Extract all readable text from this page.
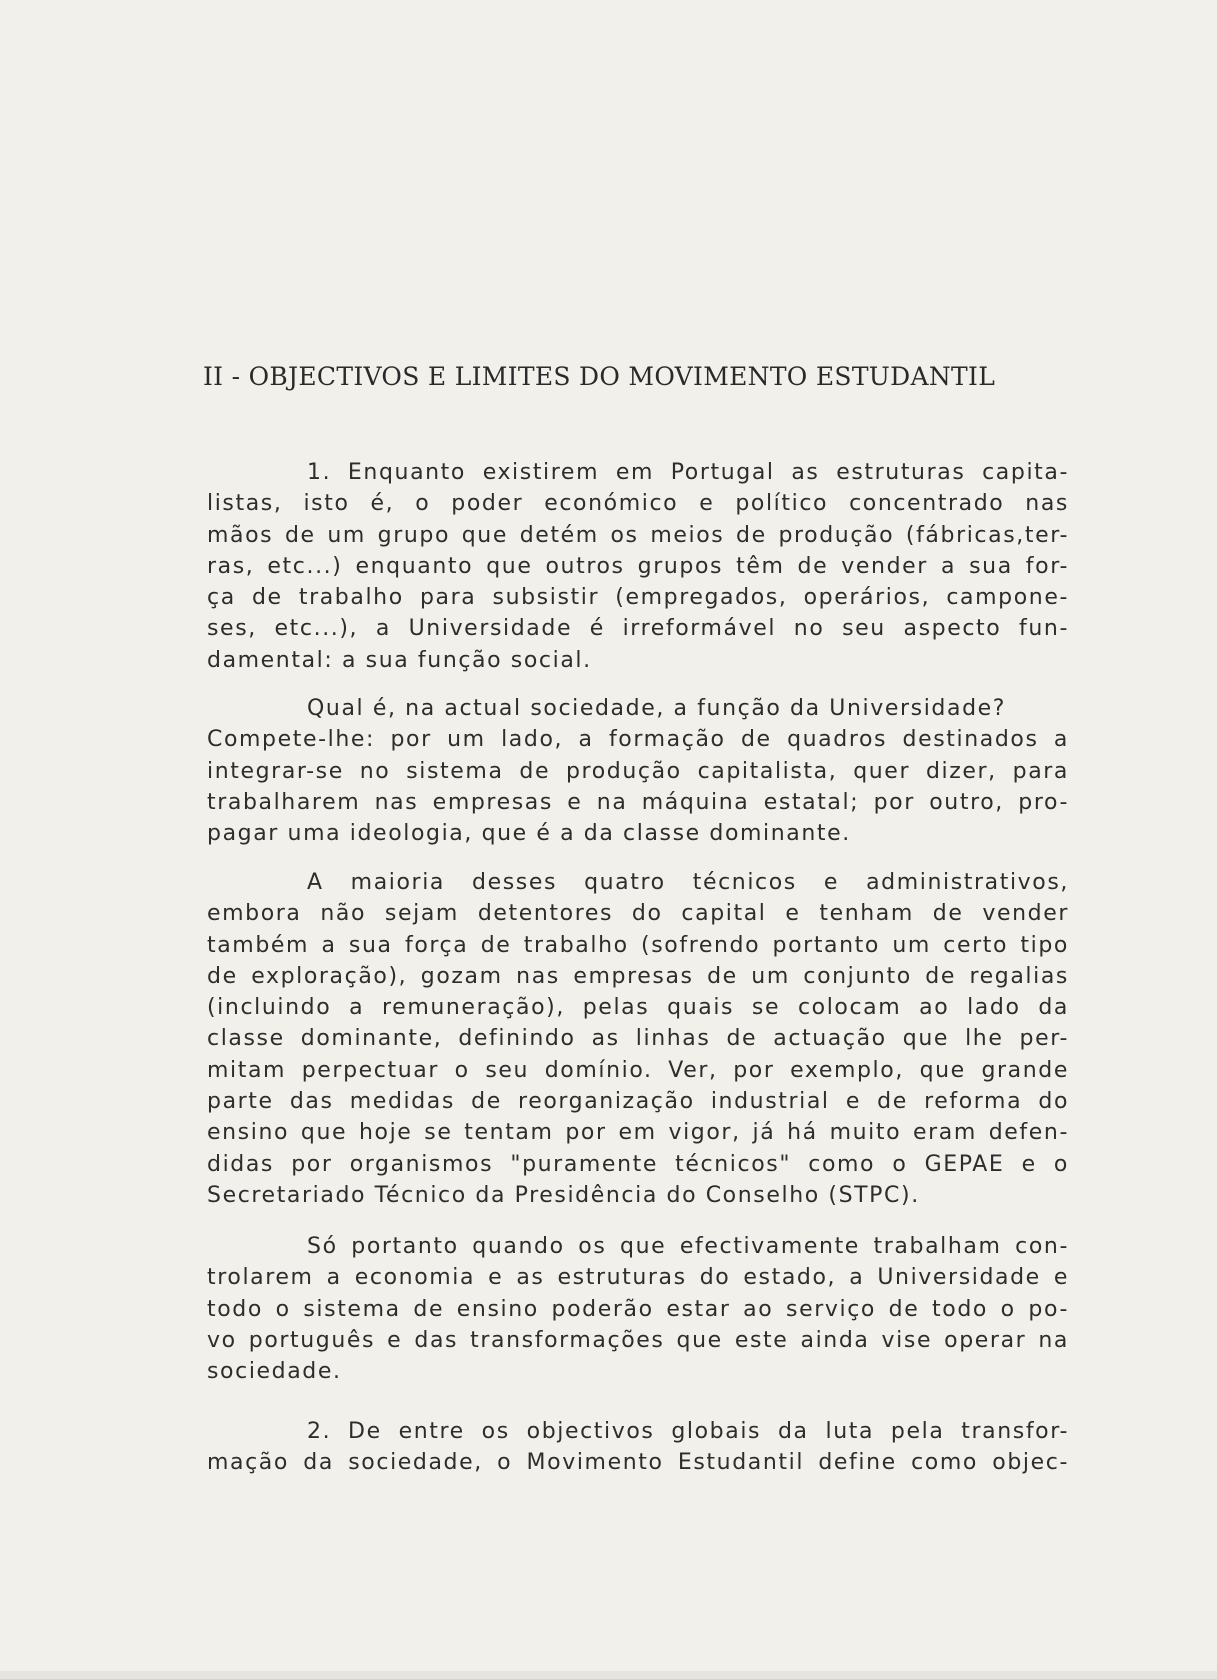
II - OBJECTIVOS E LIMITES DO MOVIMENTO ESTUDANTIL
1. Enquanto existirem em Portugal as estruturas capita-
listas, isto é, o poder económico e político concentrado nas
mãos de um grupo que detém os meios de produção (fábricas,ter-
ras, etc...) enquanto que outros grupos têm de vender a sua for-
ça de trabalho para subsistir (empregados, operários, campone-
ses, etc...), a Universidade é irreformável no seu aspecto fun-
damental: a sua função social.
Qual é, na actual sociedade, a função da Universidade?
Compete-lhe: por um lado, a formação de quadros destinados a
integrar-se no sistema de produção capitalista, quer dizer, para
trabalharem nas empresas e na máquina estatal; por outro, pro-
pagar uma ideologia, que é a da classe dominante.
A maioria desses quatro técnicos e administrativos,
embora não sejam detentores do capital e tenham de vender
também a sua força de trabalho (sofrendo portanto um certo tipo
de exploração), gozam nas empresas de um conjunto de regalias
(incluindo a remuneração), pelas quais se colocam ao lado da
classe dominante, definindo as linhas de actuação que lhe per-
mitam perpectuar o seu domínio. Ver, por exemplo, que grande
parte das medidas de reorganização industrial e de reforma do
ensino que hoje se tentam por em vigor, já há muito eram defen-
didas por organismos "puramente técnicos" como o GEPAE e o
Secretariado Técnico da Presidência do Conselho (STPC).
Só portanto quando os que efectivamente trabalham con-
trolarem a economia e as estruturas do estado, a Universidade e
todo o sistema de ensino poderão estar ao serviço de todo o po-
vo português e das transformações que este ainda vise operar na
sociedade.
2. De entre os objectivos globais da luta pela transfor-
mação da sociedade, o Movimento Estudantil define como objec-
